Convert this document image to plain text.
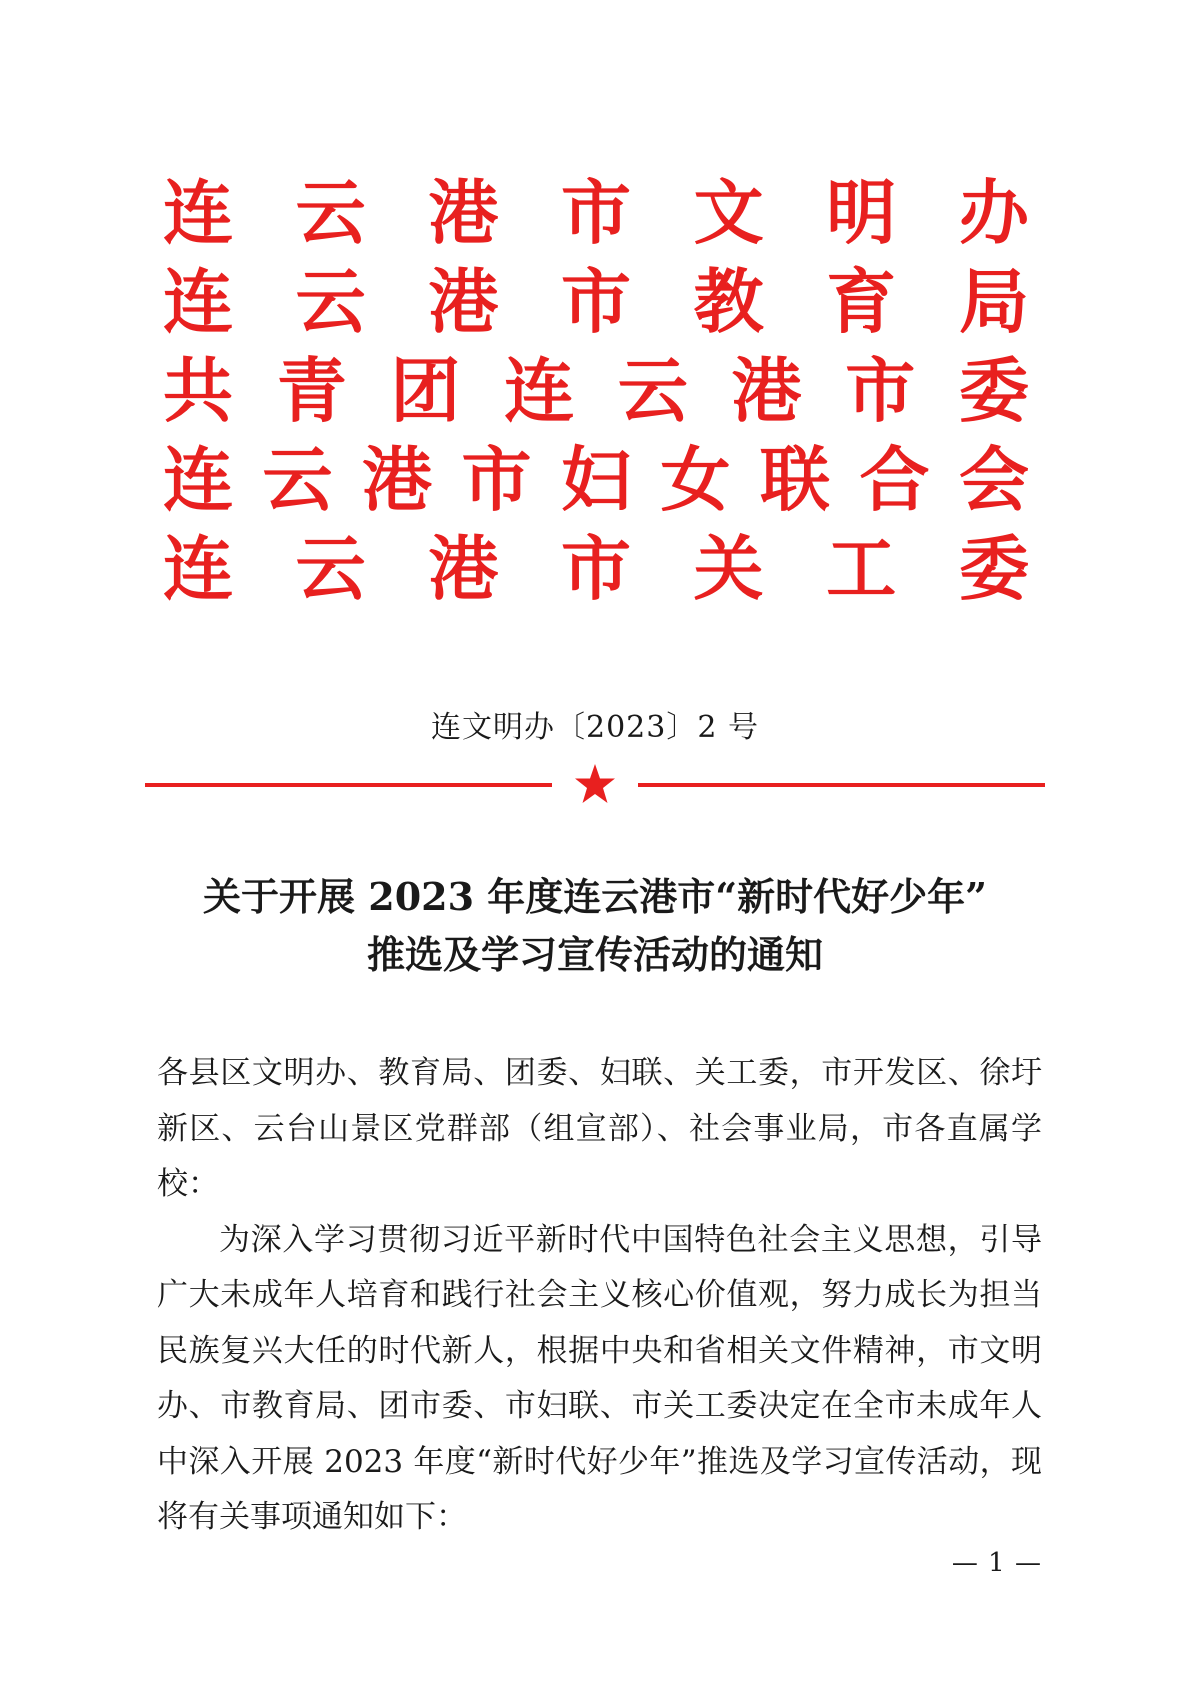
连 云 港 市 文 明 办
连 云 港 市 教 育 局
共 青 团 连 云 港 市 委
连 云 港 市 妇 女 联 合 会
连 云 港 市 关 工 委
连文明办〔2023〕2 号
关于开展 2023 年度连云港市“新时代好少年”
推选及学习宣传活动的通知

各县区文明办、教育局、团委、妇联、关工委，市开发区、徐圩新区、云台山景区党群部（组宣部）、社会事业局，市各直属学校：

为深入学习贯彻习近平新时代中国特色社会主义思想，引导广大未成年人培育和践行社会主义核心价值观，努力成长为担当民族复兴大任的时代新人，根据中央和省相关文件精神，市文明办、市教育局、团市委、市妇联、市关工委决定在全市未成年人中深入开展 2023 年度“新时代好少年”推选及学习宣传活动，现将有关事项通知如下：

— 1 —
